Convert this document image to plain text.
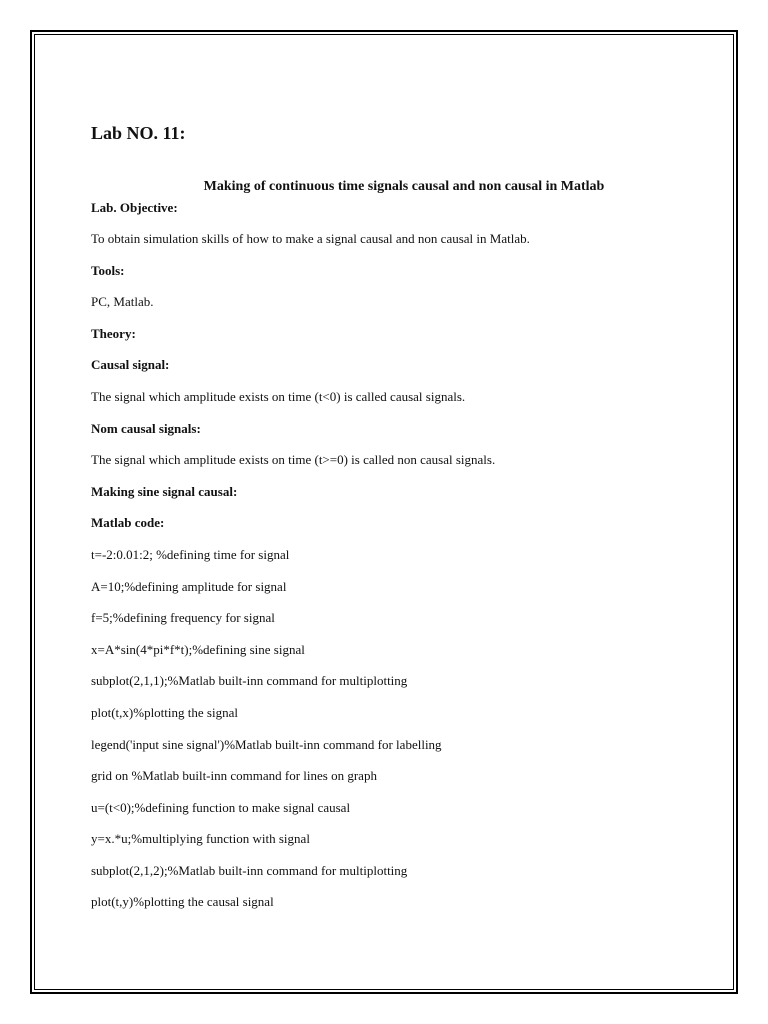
Lab NO. 11:
Making of continuous time signals causal and non causal in Matlab
Lab. Objective:
To obtain simulation skills of how to make a signal causal and non causal in Matlab.
Tools:
PC, Matlab.
Theory:
Causal signal:
The signal which amplitude exists on time (t<0) is called causal signals.
Nom causal signals:
The signal which amplitude exists on time (t>=0) is called non causal signals.
Making sine signal causal:
Matlab code:
t=-2:0.01:2; %defining time for signal
A=10;%defining amplitude for signal
f=5;%defining frequency for signal
x=A*sin(4*pi*f*t);%defining sine signal
subplot(2,1,1);%Matlab built-inn command for multiplotting
plot(t,x)%plotting the signal
legend('input sine signal')%Matlab built-inn command for labelling
grid on %Matlab built-inn command for lines on graph
u=(t<0);%defining function to make signal causal
y=x.*u;%multiplying function with signal
subplot(2,1,2);%Matlab built-inn command for multiplotting
plot(t,y)%plotting the causal signal
